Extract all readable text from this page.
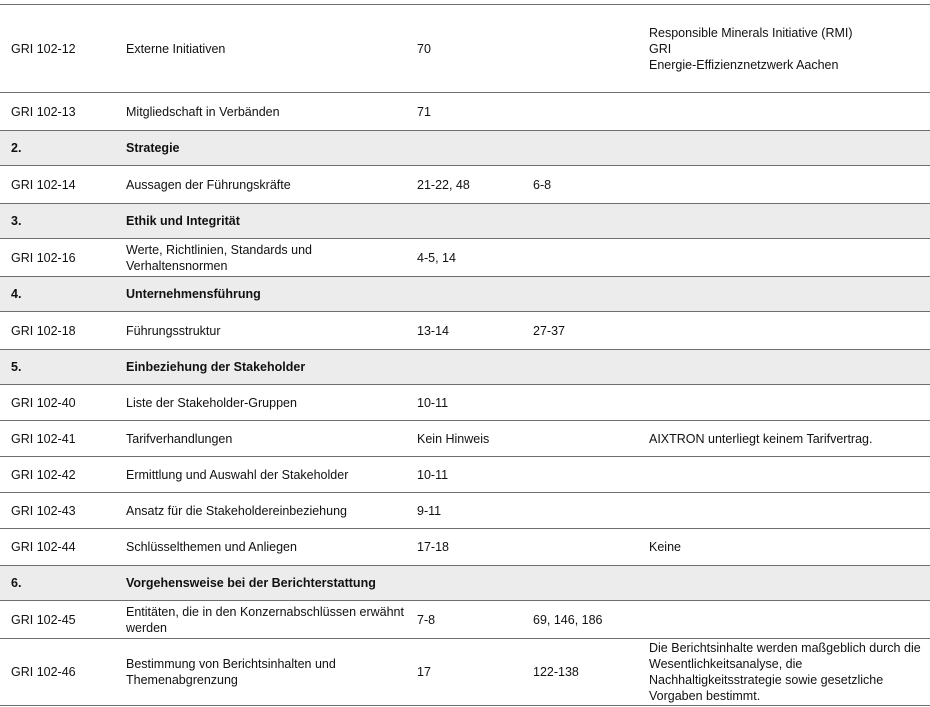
GRI 102-12	Externe Initiativen	70		Responsible Minerals Initiative (RMI)
GRI
Energie-Effizienznetzwerk Aachen

GRI 102-13	Mitgliedschaft in Verbänden	71		
2.	Strategie			
GRI 102-14	Aussagen der Führungskräfte	21-22, 48	6-8	
3.	Ethik und Integrität			
GRI 102-16	Werte, Richtlinien, Standards und Verhaltensnormen	4-5, 14		
4.	Unternehmensführung			
GRI 102-18	Führungsstruktur	13-14	27-37	
5.	Einbeziehung der Stakeholder			
GRI 102-40	Liste der Stakeholder-Gruppen	10-11		
GRI 102-41	Tarifverhandlungen	Kein Hinweis		AIXTRON unterliegt keinem Tarifvertrag.

GRI 102-42	Ermittlung und Auswahl der Stakeholder	10-11		
GRI 102-43	Ansatz für die Stakeholdereinbeziehung	9-11		
GRI 102-44	Schlüsselthemen und Anliegen	17-18		Keine

6.	Vorgehensweise bei der Berichterstattung			
GRI 102-45	Entitäten, die in den Konzernabschlüssen erwähnt werden	7-8	69, 146, 186	
GRI 102-46	Bestimmung von Berichtsinhalten und Themenabgrenzung	17	122-138	Die Berichtsinhalte werden maßgeblich durch die Wesentlichkeitsanalyse, die Nachhaltigkeitsstrategie sowie gesetzliche Vorgaben bestimmt.
